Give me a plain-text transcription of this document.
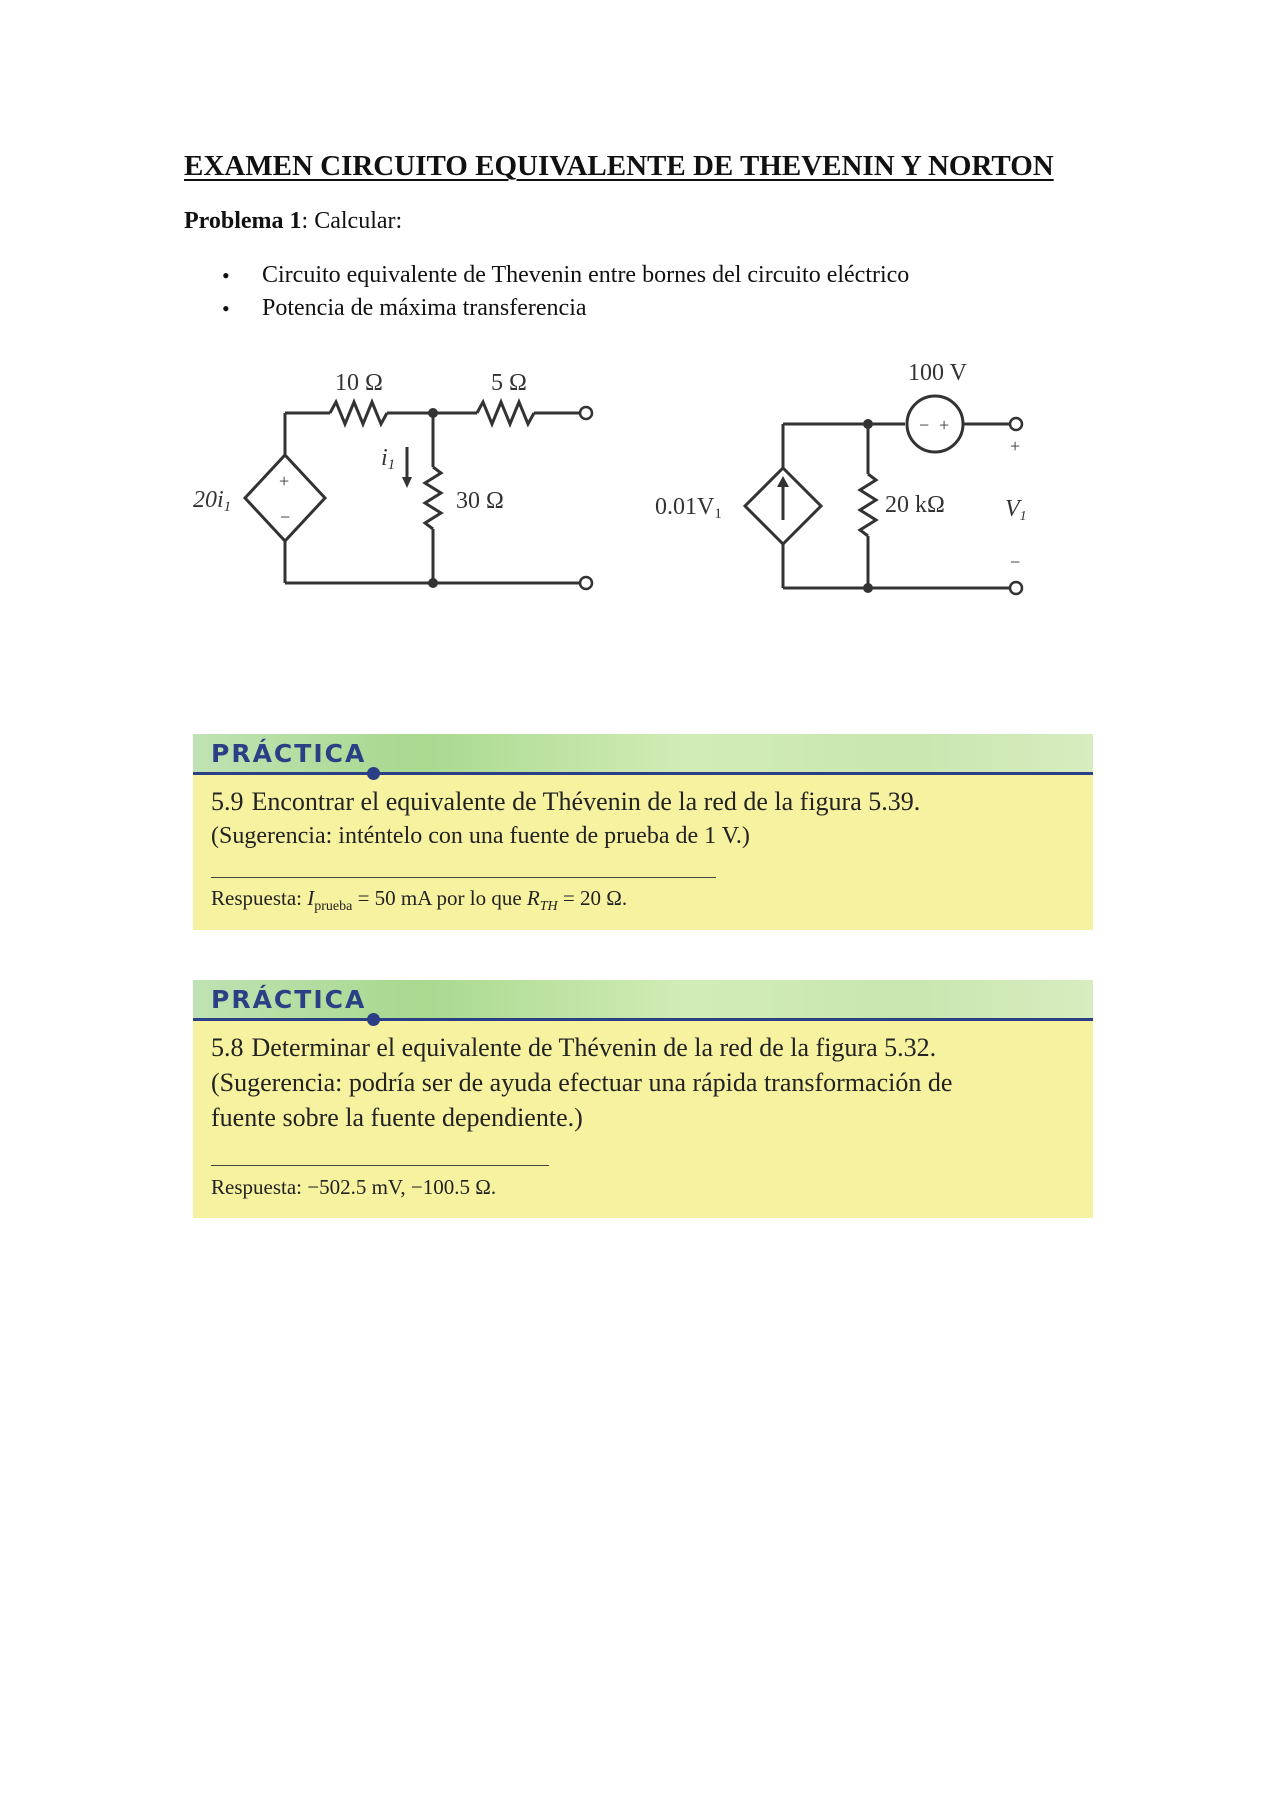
EXAMEN CIRCUITO EQUIVALENTE DE THEVENIN Y NORTON
Problema 1: Calcular:
• Circuito equivalente de Thevenin entre bornes del circuito eléctrico
• Potencia de máxima transferencia
10 Ω	5 Ω
30 Ω
+
−
20i1
i1
100 V
− +
0.01V1	20 kΩ
+
V1
−
PRÁCTICA
5.9 Encontrar el equivalente de Thévenin de la red de la figura 5.39.
(Sugerencia: inténtelo con una fuente de prueba de 1 V.)
Respuesta: $I_{prueba} = 50$ mA por lo que $R_{TH} = 20$ Ω.
PRÁCTICA
5.8 Determinar el equivalente de Thévenin de la red de la figura 5.32.
(Sugerencia: podría ser de ayuda efectuar una rápida transformación de
fuente sobre la fuente dependiente.)
Respuesta: −502.5 mV, −100.5 Ω.
